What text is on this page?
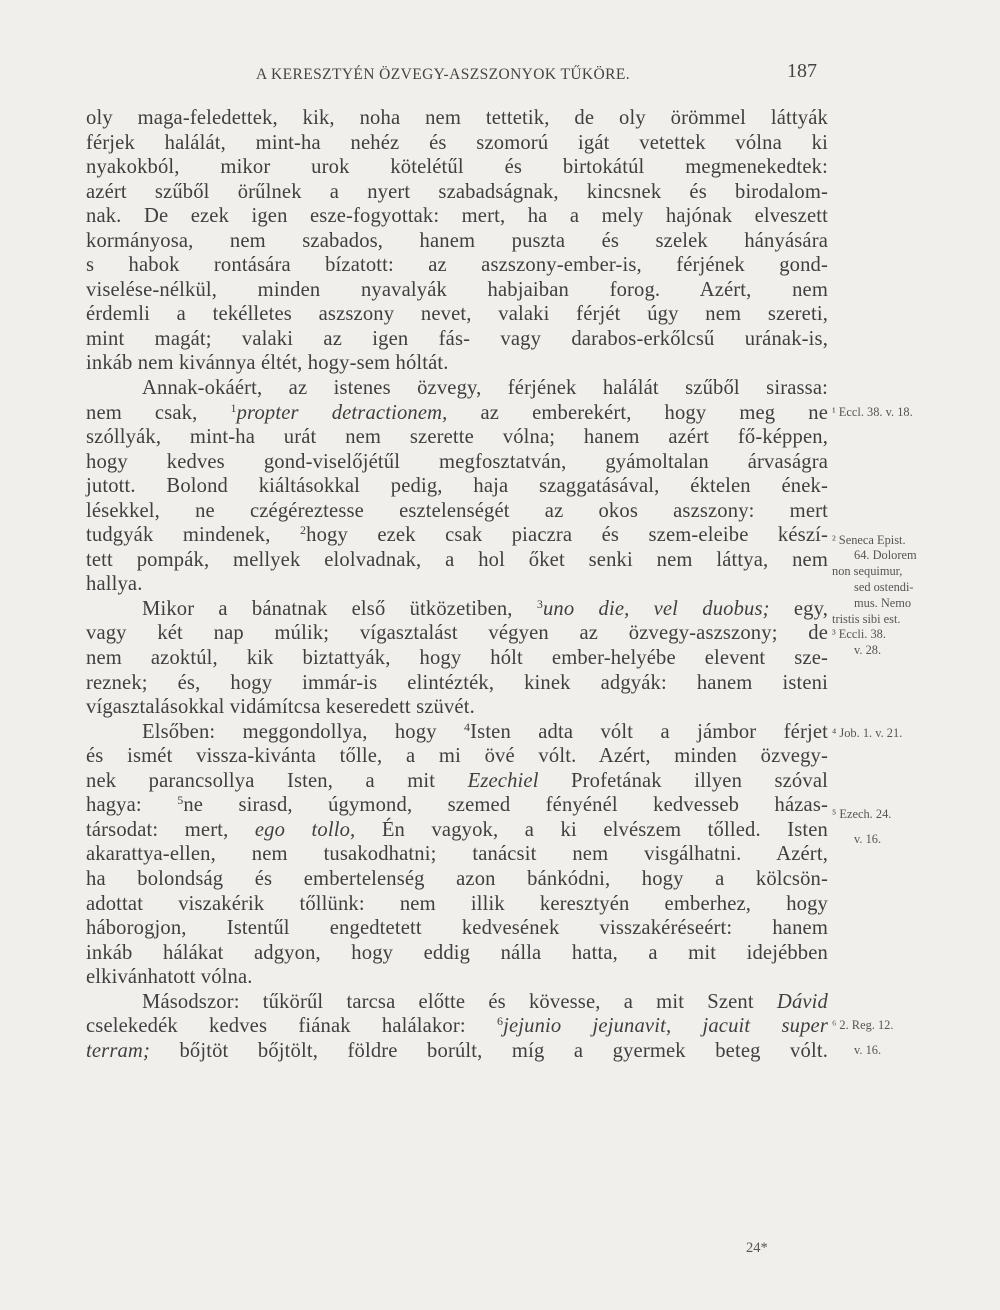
A KERESZTYÉN ÖZVEGY-ASZSZONYOK TŰKÖRE.	187
oly maga-feledettek, kik, noha nem tettetik, de oly örömmel láttyák
férjek halálát, mint-ha nehéz és szomorú igát vetettek vólna ki
nyakokból, mikor urok kötelétűl és birtokátúl megmenekedtek:
azért szűből örűlnek a nyert szabadságnak, kincsnek és birodalom-
nak. De ezek igen esze-fogyottak: mert, ha a mely hajónak elveszett
kormányosa, nem szabados, hanem puszta és szelek hányására
s habok rontására bízatott: az aszszony-ember-is, férjének gond-
viselése-nélkül, minden nyavalyák habjaiban forog. Azért, nem
érdemli a tekélletes aszszony nevet, valaki férjét úgy nem szereti,
mint magát; valaki az igen fás- vagy darabos-erkőlcsű urának-is,
inkáb nem kivánnya éltét, hogy-sem hóltát.
Annak-okáért, az istenes özvegy, férjének halálát szűből sirassa:
nem csak, $^1$propter detractionem, az emberekért, hogy meg ne
szóllyák, mint-ha urát nem szerette vólna; hanem azért fő-képpen,
hogy kedves gond-viselőjétűl megfosztatván, gyámoltalan árvaságra
jutott. Bolond kiáltásokkal pedig, haja szaggatásával, éktelen ének-
lésekkel, ne czégéreztesse esztelenségét az okos aszszony: mert
tudgyák mindenek, $^2$hogy ezek csak piaczra és szem-eleibe készí-
tett pompák, mellyek elolvadnak, a hol őket senki nem láttya, nem
hallya.
Mikor a bánatnak első ütközetiben, $^3$uno die, vel duobus; egy,
vagy két nap múlik; vígasztalást végyen az özvegy-aszszony; de
nem azoktúl, kik biztattyák, hogy hólt ember-helyébe elevent sze-
reznek; és, hogy immár-is elintézték, kinek adgyák: hanem isteni
vígasztalásokkal vidámítcsa keseredett szüvét.
Elsőben: meggondollya, hogy $^4$Isten adta vólt a jámbor férjet
és ismét vissza-kivánta tőlle, a mi övé vólt. Azért, minden özvegy-
nek parancsollya Isten, a mit Ezechiel Profetának illyen szóval
hagya: $^5$ne sirasd, úgymond, szemed fényénél kedvesseb házas-
társodat: mert, ego tollo, Én vagyok, a ki elvészem tőlled. Isten
akarattya-ellen, nem tusakodhatni; tanácsit nem visgálhatni. Azért,
ha bolondság és embertelenség azon bánkódni, hogy a kölcsön-
adottat viszakérik tőllünk: nem illik keresztyén emberhez, hogy
háborogjon, Istentűl engedtetett kedvesének visszakéréseért: hanem
inkáb hálákat adgyon, hogy eddig nálla hatta, a mit idejébben
elkivánhatott vólna.
Másodszor: tűkörűl tarcsa előtte és kövesse, a mit Szent Dávid
cselekedék kedves fiának halálakor: $^6$jejunio jejunavit, jacuit super
terram; bőjtöt bőjtölt, földre borúlt, míg a gyermek beteg vólt.
¹ Eccl. 38. v. 18.
² Seneca Epist.
64. Dolorem
non sequimur,
sed ostendi-
mus. Nemo
tristis sibi est.
³ Eccli. 38.
v. 28.
⁴ Job. 1. v. 21.
⁵ Ezech. 24.
v. 16.
⁶ 2. Reg. 12.
v. 16.
24*
